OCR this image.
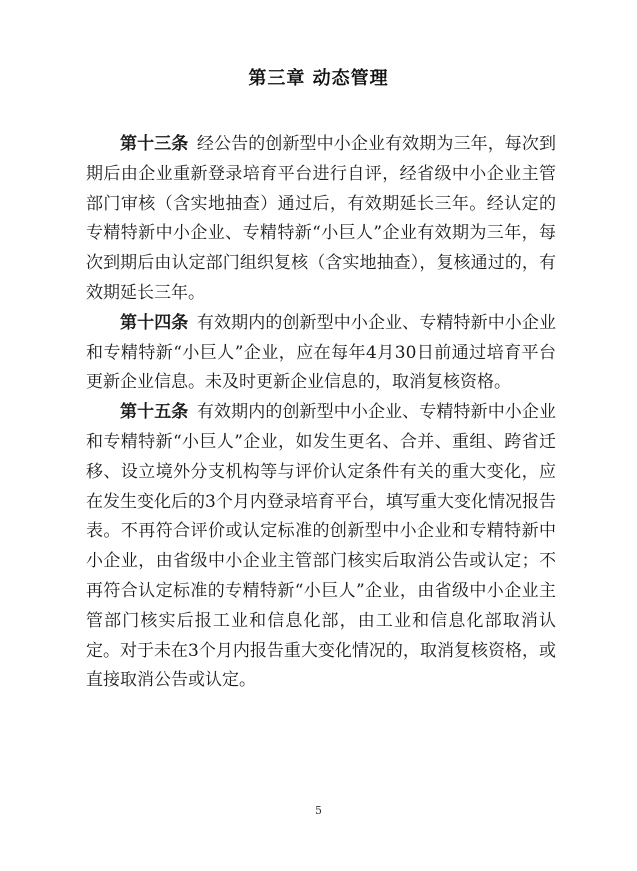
第三章 动态管理

第十三条 经公告的创新型中小企业有效期为三年，每次到期后由企业重新登录培育平台进行自评，经省级中小企业主管部门审核（含实地抽查）通过后，有效期延长三年。经认定的专精特新中小企业、专精特新“小巨人”企业有效期为三年，每次到期后由认定部门组织复核（含实地抽查），复核通过的，有效期延长三年。

第十四条 有效期内的创新型中小企业、专精特新中小企业和专精特新“小巨人”企业，应在每年4月30日前通过培育平台更新企业信息。未及时更新企业信息的，取消复核资格。

第十五条 有效期内的创新型中小企业、专精特新中小企业和专精特新“小巨人”企业，如发生更名、合并、重组、跨省迁移、设立境外分支机构等与评价认定条件有关的重大变化，应在发生变化后的3个月内登录培育平台，填写重大变化情况报告表。不再符合评价或认定标准的创新型中小企业和专精特新中小企业，由省级中小企业主管部门核实后取消公告或认定；不再符合认定标准的专精特新“小巨人”企业，由省级中小企业主管部门核实后报工业和信息化部，由工业和信息化部取消认定。对于未在3个月内报告重大变化情况的，取消复核资格，或直接取消公告或认定。

5
